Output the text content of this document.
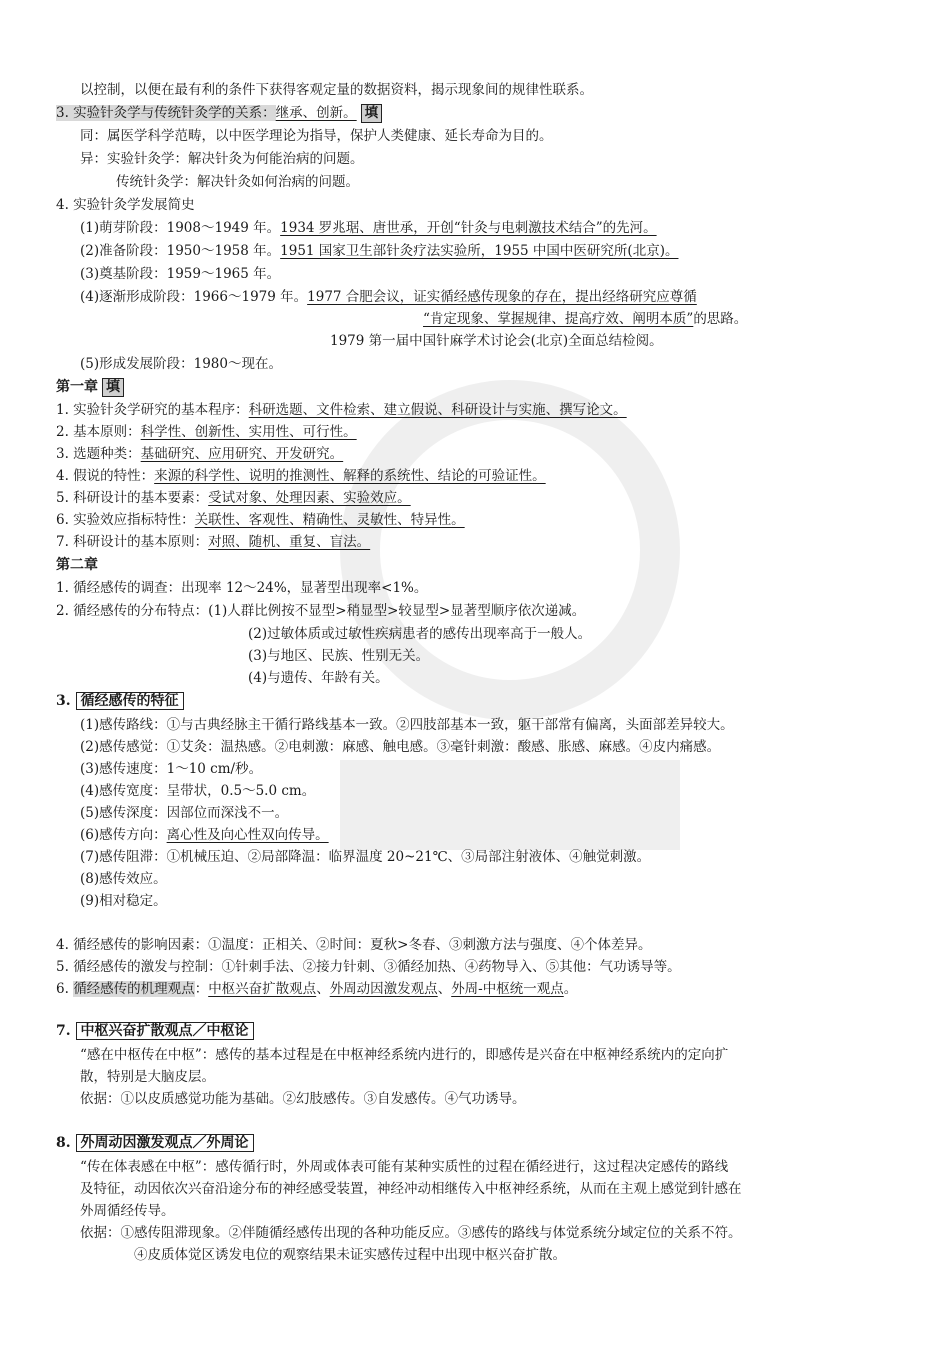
以控制，以便在最有利的条件下获得客观定量的数据资料，揭示现象间的规律性联系。
3. 实验针灸学与传统针灸学的关系：继承、创新。 填
同：属医学科学范畴，以中医学理论为指导，保护人类健康、延长寿命为目的。
异：实验针灸学：解决针灸为何能治病的问题。
传统针灸学：解决针灸如何治病的问题。
4. 实验针灸学发展简史
(1)萌芽阶段：1908～1949 年。1934 罗兆琚、唐世承，开创“针灸与电刺激技术结合”的先河。
(2)准备阶段：1950～1958 年。1951 国家卫生部针灸疗法实验所，1955 中国中医研究所(北京)。
(3)奠基阶段：1959～1965 年。
(4)逐渐形成阶段：1966～1979 年。1977 合肥会议，证实循经感传现象的存在，提出经络研究应尊循
“肯定现象、掌握规律、提高疗效、阐明本质”的思路。
1979 第一届中国针麻学术讨论会(北京)全面总结检阅。
(5)形成发展阶段：1980～现在。
第一章 填
1. 实验针灸学研究的基本程序：科研选题、文件检索、建立假说、科研设计与实施、撰写论文。
2. 基本原则：科学性、创新性、实用性、可行性。
3. 选题种类：基础研究、应用研究、开发研究。
4. 假说的特性：来源的科学性、说明的推测性、解释的系统性、结论的可验证性。
5. 科研设计的基本要素：受试对象、处理因素、实验效应。
6. 实验效应指标特性：关联性、客观性、精确性、灵敏性、特异性。
7. 科研设计的基本原则：对照、随机、重复、盲法。
第二章
1. 循经感传的调查：出现率 12～24%，显著型出现率<1%。
2. 循经感传的分布特点：(1)人群比例按不显型>稍显型>较显型>显著型顺序依次递减。
(2)过敏体质或过敏性疾病患者的感传出现率高于一般人。
(3)与地区、民族、性别无关。
(4)与遗传、年龄有关。
3. 循经感传的特征
(1)感传路线：①与古典经脉主干循行路线基本一致。②四肢部基本一致，躯干部常有偏离，头面部差异较大。
(2)感传感觉：①艾灸：温热感。②电刺激：麻感、触电感。③毫针刺激：酸感、胀感、麻感。④皮内痛感。
(3)感传速度：1～10 cm/秒。
(4)感传宽度：呈带状，0.5～5.0 cm。
(5)感传深度：因部位而深浅不一。
(6)感传方向：离心性及向心性双向传导。
(7)感传阻滞：①机械压迫、②局部降温：临界温度 20~21℃、③局部注射液体、④触觉刺激。
(8)感传效应。
(9)相对稳定。
4. 循经感传的影响因素：①温度：正相关、②时间：夏秋>冬春、③刺激方法与强度、④个体差异。
5. 循经感传的激发与控制：①针刺手法、②接力针刺、③循经加热、④药物导入、⑤其他：气功诱导等。
6. 循经感传的机理观点：中枢兴奋扩散观点、外周动因激发观点、外周-中枢统一观点。
7. 中枢兴奋扩散观点／中枢论
“感在中枢传在中枢”：感传的基本过程是在中枢神经系统内进行的，即感传是兴奋在中枢神经系统内的定向扩
散，特别是大脑皮层。
依据：①以皮质感觉功能为基础。②幻肢感传。③自发感传。④气功诱导。
8. 外周动因激发观点／外周论
“传在体表感在中枢”：感传循行时，外周或体表可能有某种实质性的过程在循经进行，这过程决定感传的路线
及特征，动因依次兴奋沿途分布的神经感受装置，神经冲动相继传入中枢神经系统，从而在主观上感觉到针感在
外周循经传导。
依据：①感传阻滞现象。②伴随循经感传出现的各种功能反应。③感传的路线与体觉系统分域定位的关系不符。
④皮质体觉区诱发电位的观察结果未证实感传过程中出现中枢兴奋扩散。
